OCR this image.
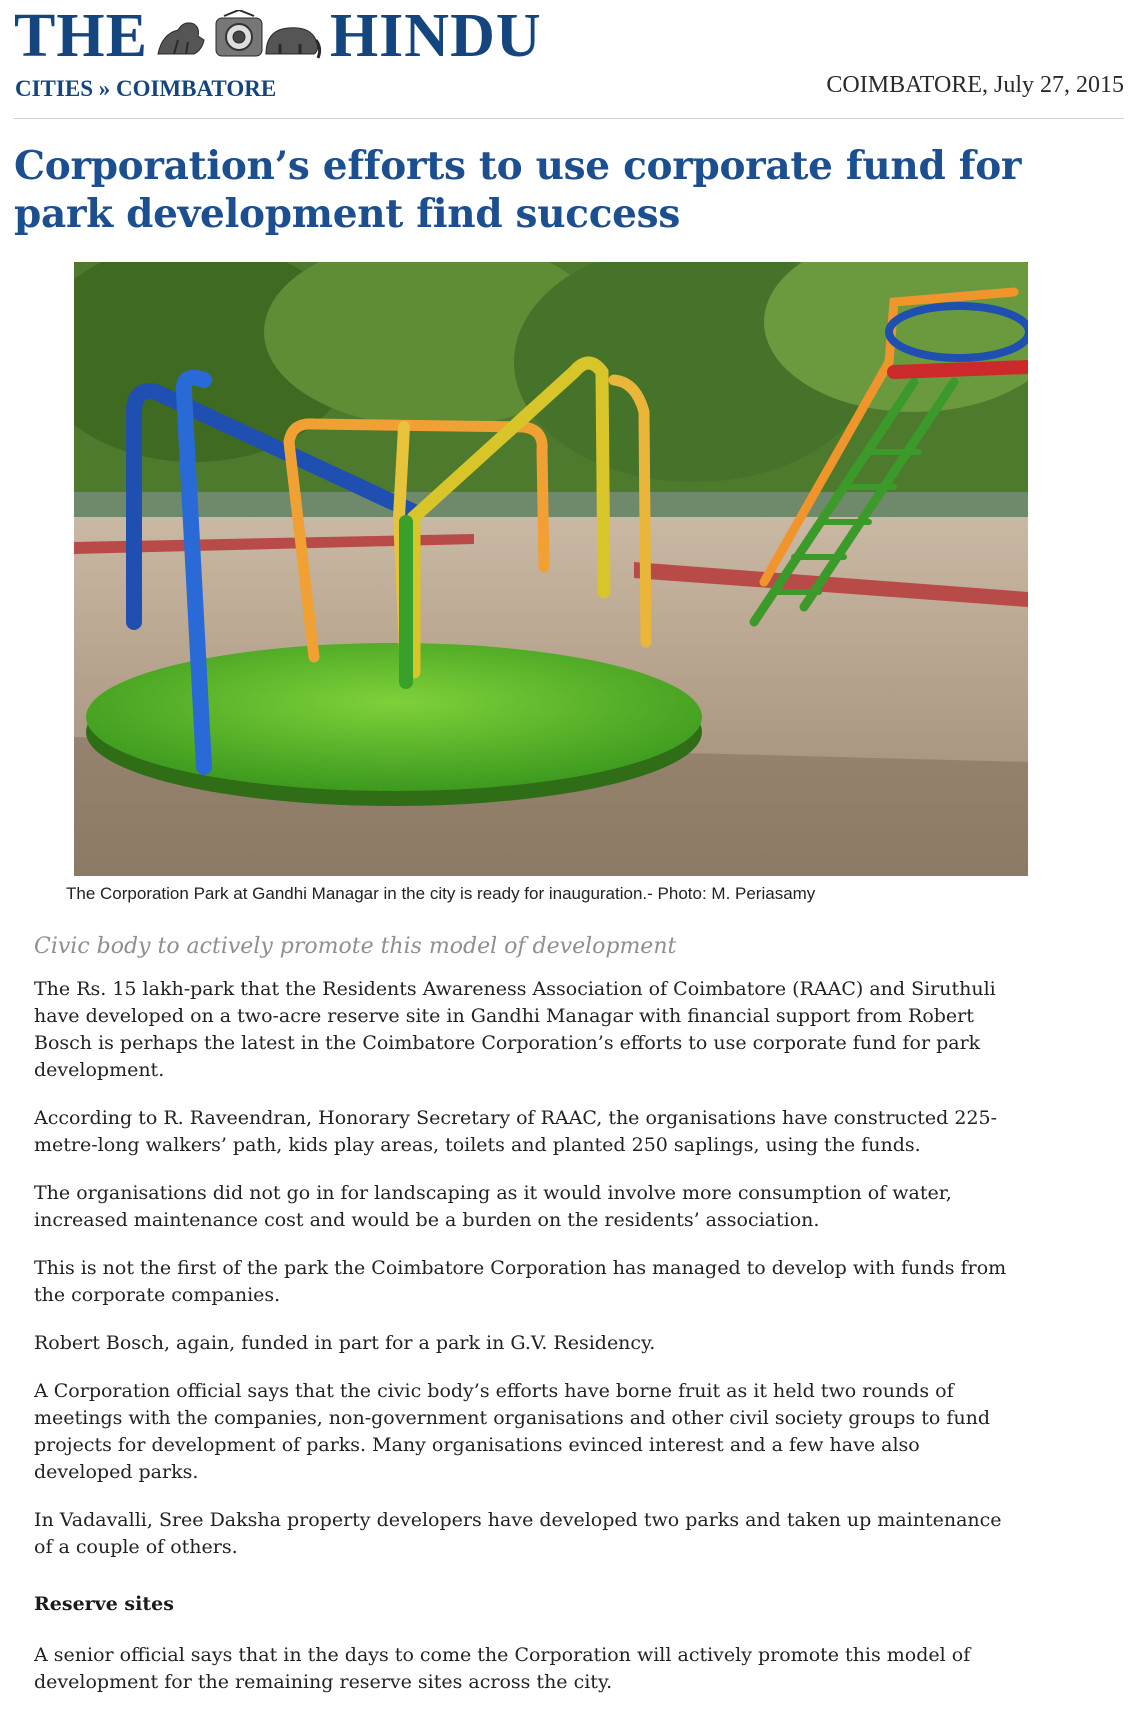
THE	HINDU
CITIES » COIMBATORE	COIMBATORE, July 27, 2015
Corporation’s efforts to use corporate fund for park development find success
The Corporation Park at Gandhi Managar in the city is ready for inauguration.- Photo: M. Periasamy
Civic body to actively promote this model of development

The Rs. 15 lakh-park that the Residents Awareness Association of Coimbatore (RAAC) and Siruthuli have developed on a two-acre reserve site in Gandhi Managar with financial support from Robert Bosch is perhaps the latest in the Coimbatore Corporation’s efforts to use corporate fund for park development.

According to R. Raveendran, Honorary Secretary of RAAC, the organisations have constructed 225-metre-long walkers’ path, kids play areas, toilets and planted 250 saplings, using the funds.

The organisations did not go in for landscaping as it would involve more consumption of water, increased maintenance cost and would be a burden on the residents’ association.

This is not the first of the park the Coimbatore Corporation has managed to develop with funds from the corporate companies.

Robert Bosch, again, funded in part for a park in G.V. Residency.

A Corporation official says that the civic body’s efforts have borne fruit as it held two rounds of meetings with the companies, non-government organisations and other civil society groups to fund projects for development of parks. Many organisations evinced interest and a few have also developed parks.

In Vadavalli, Sree Daksha property developers have developed two parks and taken up maintenance of a couple of others.

Reserve sites

A senior official says that in the days to come the Corporation will actively promote this model of development for the remaining reserve sites across the city.
